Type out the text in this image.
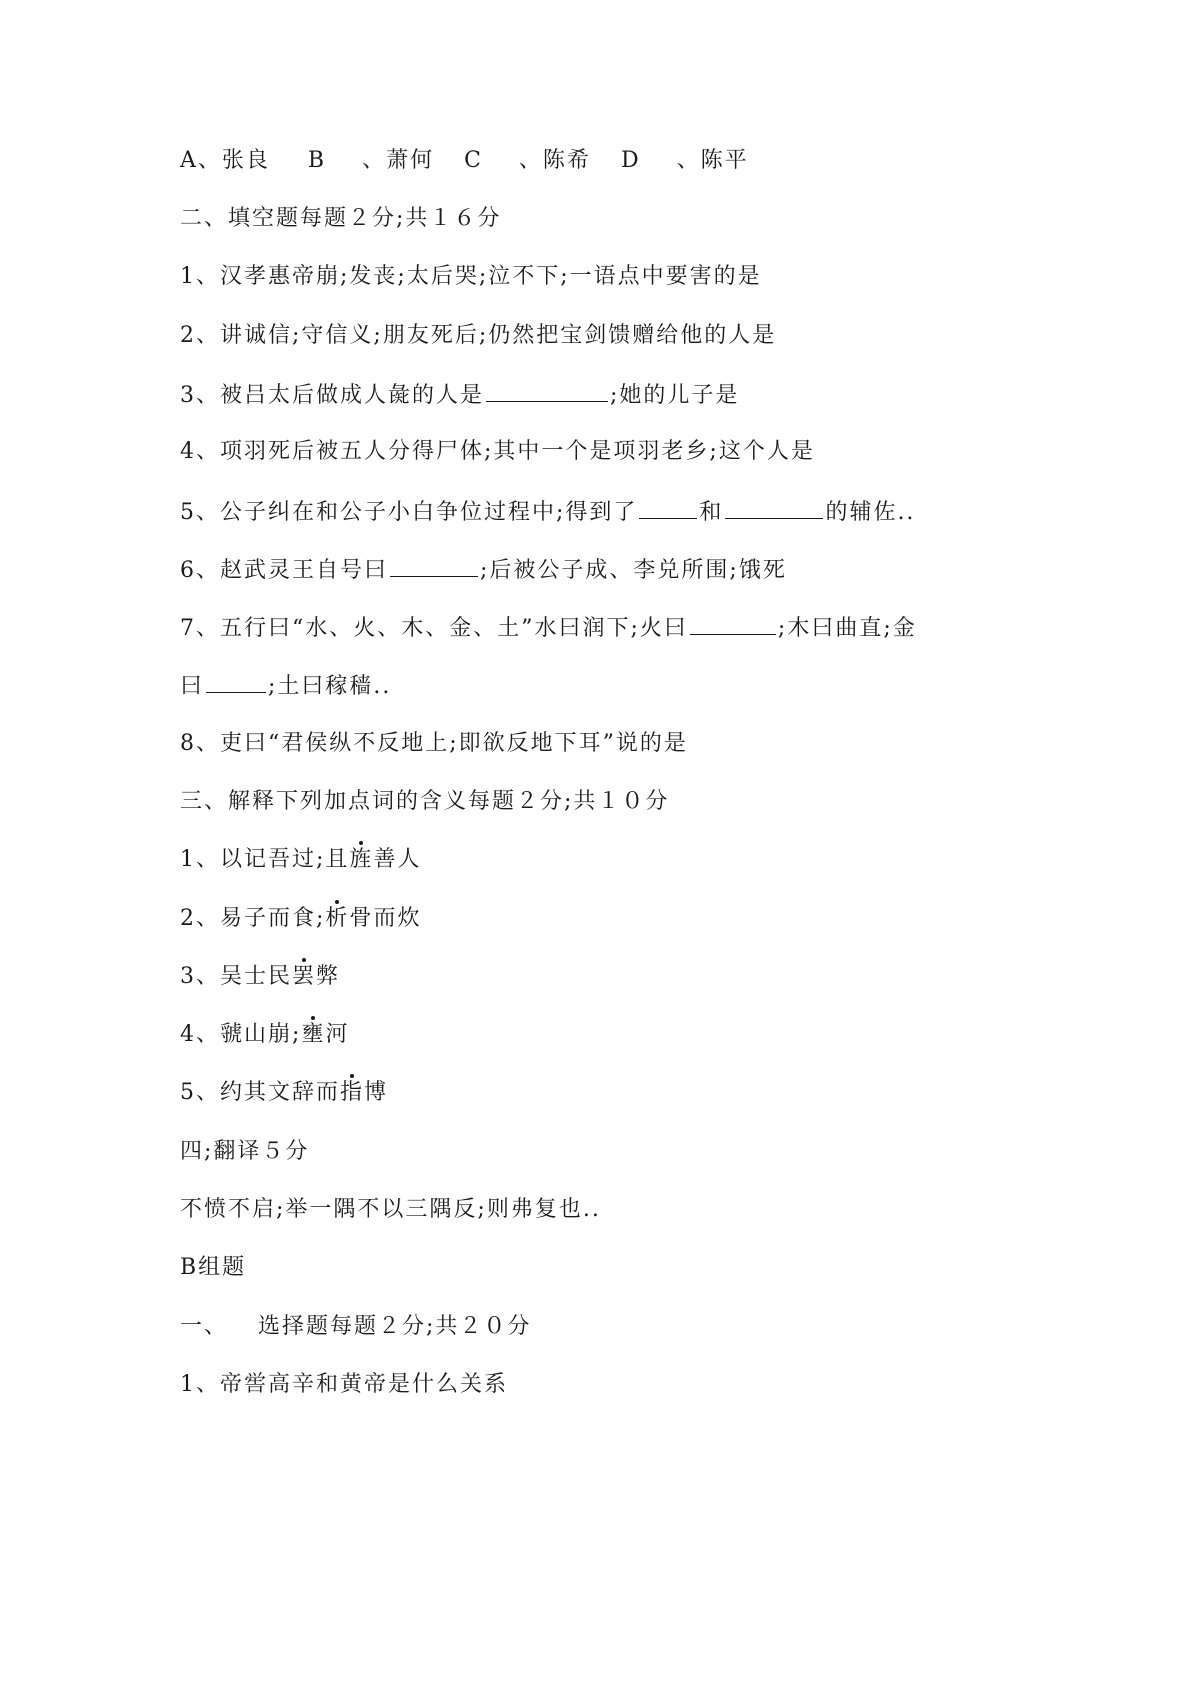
A、张良 B 、萧何 C 、陈希 D 、陈平
二、填空题每题２分;共１６分
1、汉孝惠帝崩;发丧;太后哭;泣不下;一语点中要害的是
2、讲诚信;守信义;朋友死后;仍然把宝剑馈赠给他的人是
3、被吕太后做成人彘的人是	;她的儿子是
4、项羽死后被五人分得尸体;其中一个是项羽老乡;这个人是
5、公子纠在和公子小白争位过程中;得到了	和	的辅佐..
6、赵武灵王自号曰	;后被公子成、李兑所围;饿死
7、五行曰“水、火、木、金、土”水曰润下;火曰	;木曰曲直;金
曰	;土曰稼穑..
8、吏曰“君侯纵不反地上;即欲反地下耳”说的是
三、解释下列加点词的含义每题２分;共１０分
1、以记吾过;且旌善人
2、易子而食;析骨而炊
3、吴士民罢弊
4、虢山崩;壅河
5、约其文辞而指博
四;翻译５分
不愤不启;举一隅不以三隅反;则弗复也..
B组题
一、 选择题每题２分;共２０分
1、帝喾高辛和黄帝是什么关系
